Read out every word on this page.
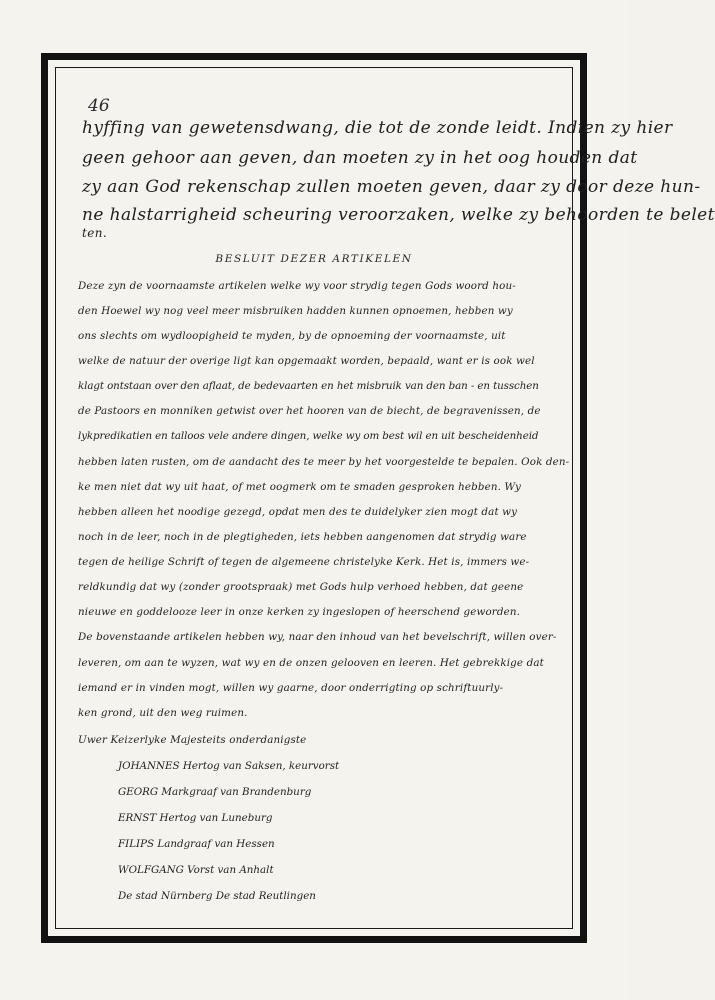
46
hyffing van gewetensdwang, die tot de zonde leidt. Indien zy hier
geen gehoor aan geven, dan moeten zy in het oog houden dat
zy aan God rekenschap zullen moeten geven, daar zy door deze hun-
ne halstarrigheid scheuring veroorzaken, welke zy behoorden te belet
ten.
BESLUIT DEZER ARTIKELEN
Deze zyn de voornaamste artikelen welke wy voor strydig tegen Gods woord hou-
den Hoewel wy nog veel meer misbruiken hadden kunnen opnoemen, hebben wy
ons slechts om wydloopigheid te myden, by de opnoeming der voornaamste, uit
welke de natuur der overige ligt kan opgemaakt worden, bepaald, want er is ook wel
klagt ontstaan over den aflaat, de bedevaarten en het misbruik van den ban - en tusschen
de Pastoors en monniken getwist over het hooren van de biecht, de begravenissen, de
lykpredikatien en talloos vele andere dingen, welke wy om best wil en uit bescheidenheid
hebben laten rusten, om de aandacht des te meer by het voorgestelde te bepalen. Ook den-
ke men niet dat wy uit haat, of met oogmerk om te smaden gesproken hebben. Wy
hebben alleen het noodige gezegd, opdat men des te duidelyker zien mogt dat wy
noch in de leer, noch in de plegtigheden, iets hebben aangenomen dat strydig ware
tegen de heilige Schrift of tegen de algemeene christelyke Kerk. Het is, immers we-
reldkundig dat wy (zonder grootspraak) met Gods hulp verhoed hebben, dat geene
nieuwe en goddelooze leer in onze kerken zy ingeslopen of heerschend geworden.
De bovenstaande artikelen hebben wy, naar den inhoud van het bevelschrift, willen over-
leveren, om aan te wyzen, wat wy en de onzen gelooven en leeren. Het gebrekkige dat
iemand er in vinden mogt, willen wy gaarne, door onderrigting op schriftuurly-
ken grond, uit den weg ruimen.
Uwer Keizerlyke Majesteits onderdanigste
JOHANNES Hertog van Saksen, keurvorst
GEORG Markgraaf van Brandenburg
ERNST Hertog van Luneburg
FILIPS Landgraaf van Hessen
WOLFGANG Vorst van Anhalt
De stad Nürnberg De stad Reutlingen
